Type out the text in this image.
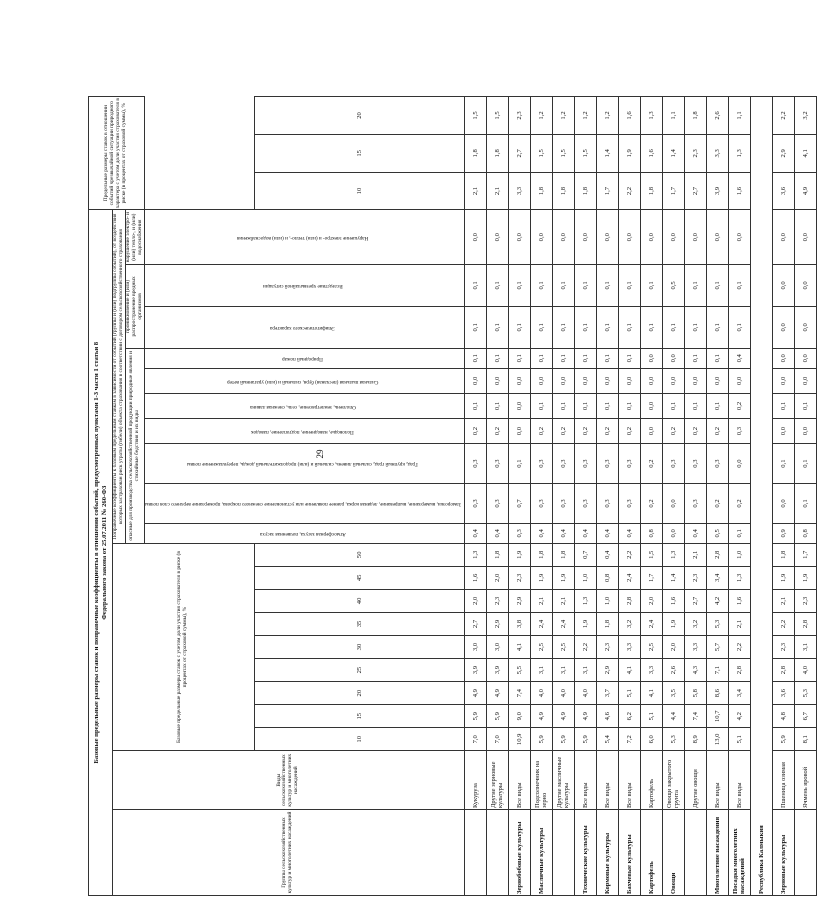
29
Базовые предельные размеры ставок и поправочные коэффициенты в отношении событий, предусмотренных пунктами 1-3 части 1 статьи 8 Федерального закона от 25.07.2011 № 260-ФЗ																					Предельные размеры ставок в отношении событий чрезвычайной ситуации природного характера с учетом доли участия страхователя в риске (в процентах от страховой суммы), %		
Группы сельскохозяйственных культур и многолетних насаждений	Виды сельскохозяйственных культур и многолетних насаждений	Базовые предельные размеры ставок с учетом доли участия страхователя в риске (в процентах от страховой суммы), %									Поправочные коэффициенты к базовым предельным ставкам в зависимости от событий (группы и (или) подгруппы событий), от воздействия которых застрахован риск утраты (гибели) объекта страхования в соответствии с договором сельскохозяйственного страхования												
											опасные для производства сельскохозяйственной продукции природные явления и стихийные бедствия и их виды							проникновение и (или) распространение вредных организмов		нарушение электро- и (или) тепло-, и (или) водоснабжения			
											Атмосферная засуха, почвенная засуха	Заморозки, вымерзание, выпревание, ледяная корка, раннее появление или установление снежного покрова, промерзание верхнего слоя почвы	Град, крупный град, сильный ливень, сильный и (или) продолжительный дождь, переувлажнение почвы	Половодье, наводнение, подтопление, паводок	Оползень, землетрясение, сель, снежная лавина	Сильная пыльная (песчаная) буря, сильный и (или) ураганный ветер	Природный пожар	Эпифитотического характера	Вследствие чрезвычайной ситуации	Нарушение электро- и (или) тепло-, и (или) водоснабжения			
		10	15	20	25	30	35	40	45	50											10	15	20
	Кукуруза	7,0	5,9	4,9	3,9	3,0	2,7	2,0	1,6	1,3	0,4	0,3	0,3	0,2	0,1	0,0	0,1	0,1	0,1	0,0	2,1	1,8	1,5
	Другие зерновые культуры	7,0	5,9	4,9	3,9	3,0	2,9	2,3	2,0	1,8	0,4	0,3	0,3	0,2	0,1	0,0	0,1	0,1	0,1	0,0	2,1	1,8	1,5
Зернобобовые культуры	Все виды	10,9	9,0	7,4	5,5	4,1	3,8	2,9	2,3	1,9	0,3	0,7	0,1	0,0	0,0	0,0	0,1	0,1	0,1	0,0	3,3	2,7	2,3
Масличные культуры	Подсолнечник на зерно	5,9	4,9	4,0	3,1	2,5	2,4	2,1	1,9	1,8	0,4	0,3	0,3	0,2	0,1	0,0	0,1	0,1	0,1	0,0	1,8	1,5	1,2
	Другие масличные культуры	5,9	4,9	4,0	3,1	2,5	2,4	2,1	1,9	1,8	0,4	0,3	0,3	0,2	0,1	0,0	0,1	0,1	0,1	0,0	1,8	1,5	1,2
Технические культуры	Все виды	5,9	4,9	4,0	3,1	2,2	1,9	1,3	1,0	0,7	0,4	0,3	0,3	0,2	0,1	0,0	0,1	0,1	0,1	0,0	1,8	1,5	1,2
Кормовые культуры	Все виды	5,4	4,6	3,7	2,9	2,3	1,8	1,0	0,8	0,4	0,4	0,3	0,3	0,2	0,1	0,0	0,1	0,1	0,1	0,0	1,7	1,4	1,2
Бахчевые культуры	Все виды	7,2	6,2	5,1	4,1	3,3	3,2	2,8	2,4	2,2	0,4	0,3	0,3	0,2	0,1	0,0	0,1	0,1	0,1	0,0	2,2	1,9	1,6
Картофель	Картофель	6,0	5,1	4,1	3,3	2,5	2,4	2,0	1,7	1,5	0,8	0,2	0,2	0,0	0,0	0,0	0,0	0,1	0,1	0,0	1,8	1,6	1,3
Овощи	Овощи закрытого грунта	5,3	4,4	3,5	2,6	2,0	1,9	1,6	1,4	1,3	0,0	0,0	0,3	0,2	0,1	0,0	0,0	0,1	0,5	0,0	1,7	1,4	1,1
	Другие овощи	8,9	7,4	5,8	4,3	3,3	3,2	2,7	2,3	2,1	0,4	0,3	0,3	0,2	0,1	0,0	0,1	0,1	0,1	0,0	2,7	2,3	1,8
Многолетние насаждения	Все виды	13,0	10,7	8,6	7,1	5,7	5,3	4,2	3,4	2,8	0,5	0,2	0,3	0,2	0,1	0,0	0,1	0,1	0,1	0,0	3,9	3,3	2,6
Посадки многолетних насаждений	Все виды	5,1	4,2	3,4	2,8	2,2	2,1	1,6	1,3	1,0	0,1	0,2	0,0	0,3	0,2	0,0	0,4	0,1	0,1	0,0	1,6	1,3	1,1
Республика Калмыкия																							
Зерновые культуры	Пшеница озимая	5,9	4,8	3,6	2,8	2,3	2,2	2,1	1,9	1,8	0,9	0,0	0,1	0,0	0,1	0,0	0,0	0,0	0,0	0,0	3,6	2,9	2,2
	Ячмень яровой	8,1	6,7	5,3	4,0	3,1	2,8	2,3	1,9	1,7	0,8	0,1	0,1	0,0	0,1	0,0	0,0	0,0	0,0	0,0	4,9	4,1	3,2
